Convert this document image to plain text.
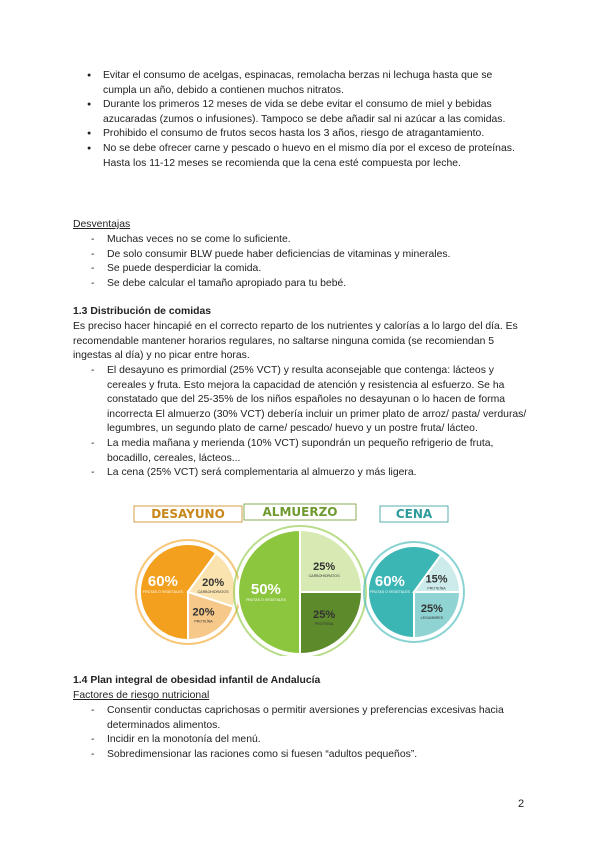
● Evitar el consumo de acelgas, espinacas, remolacha berzas ni lechuga hasta que se cumpla un año, debido a contienen muchos nitratos.
● Durante los primeros 12 meses de vida se debe evitar el consumo de miel y bebidas azucaradas (zumos o infusiones). Tampoco se debe añadir sal ni azúcar a las comidas.
● Prohibido el consumo de frutos secos hasta los 3 años, riesgo de atragantamiento.
● No se debe ofrecer carne y pescado o huevo en el mismo día por el exceso de proteínas. Hasta los 11-12 meses se recomienda que la cena esté compuesta por leche.
Desventajas
- Muchas veces no se come lo suficiente.
- De solo consumir BLW puede haber deficiencias de vitaminas y minerales.
- Se puede desperdiciar la comida.
- Se debe calcular el tamaño apropiado para tu bebé.
1.3 Distribución de comidas
Es preciso hacer hincapié en el correcto reparto de los nutrientes y calorías a lo largo del día. Es recomendable mantener horarios regulares, no saltarse ninguna comida (se recomiendan 5 ingestas al día) y no picar entre horas.
- El desayuno es primordial (25% VCT) y resulta aconsejable que contenga: lácteos y cereales y fruta. Esto mejora la capacidad de atención y resistencia al esfuerzo. Se ha constatado que del 25-35% de los niños españoles no desayunan o lo hacen de forma incorrecta El almuerzo (30% VCT) debería incluir un primer plato de arroz/ pasta/ verduras/ legumbres, un segundo plato de carne/ pescado/ huevo y un postre fruta/ lácteo.
- La media mañana y merienda (10% VCT) supondrán un pequeño refrigerio de fruta, bocadillo, cereales, lácteos...
- La cena (25% VCT) será complementaria al almuerzo y más ligera.
DESAYUNO
60%
FRUTAS O VEGETALES
20%
CARBOHIDRATOS
20%
PROTEÍNA
ALMUERZO
50%
FRUTAS O VEGETALES
25%
CARBOHIDRATOS
25%
PROTEÍNA
CENA
60%
FRUTAS O VEGETALES
15%
PROTEÍNA
25%
LEGUMBRES
1.4 Plan integral de obesidad infantil de Andalucía
Factores de riesgo nutricional
- Consentir conductas caprichosas o permitir aversiones y preferencias excesivas hacia determinados alimentos.
- Incidir en la monotonía del menú.
- Sobredimensionar las raciones como si fuesen “adultos pequeños”.
2
